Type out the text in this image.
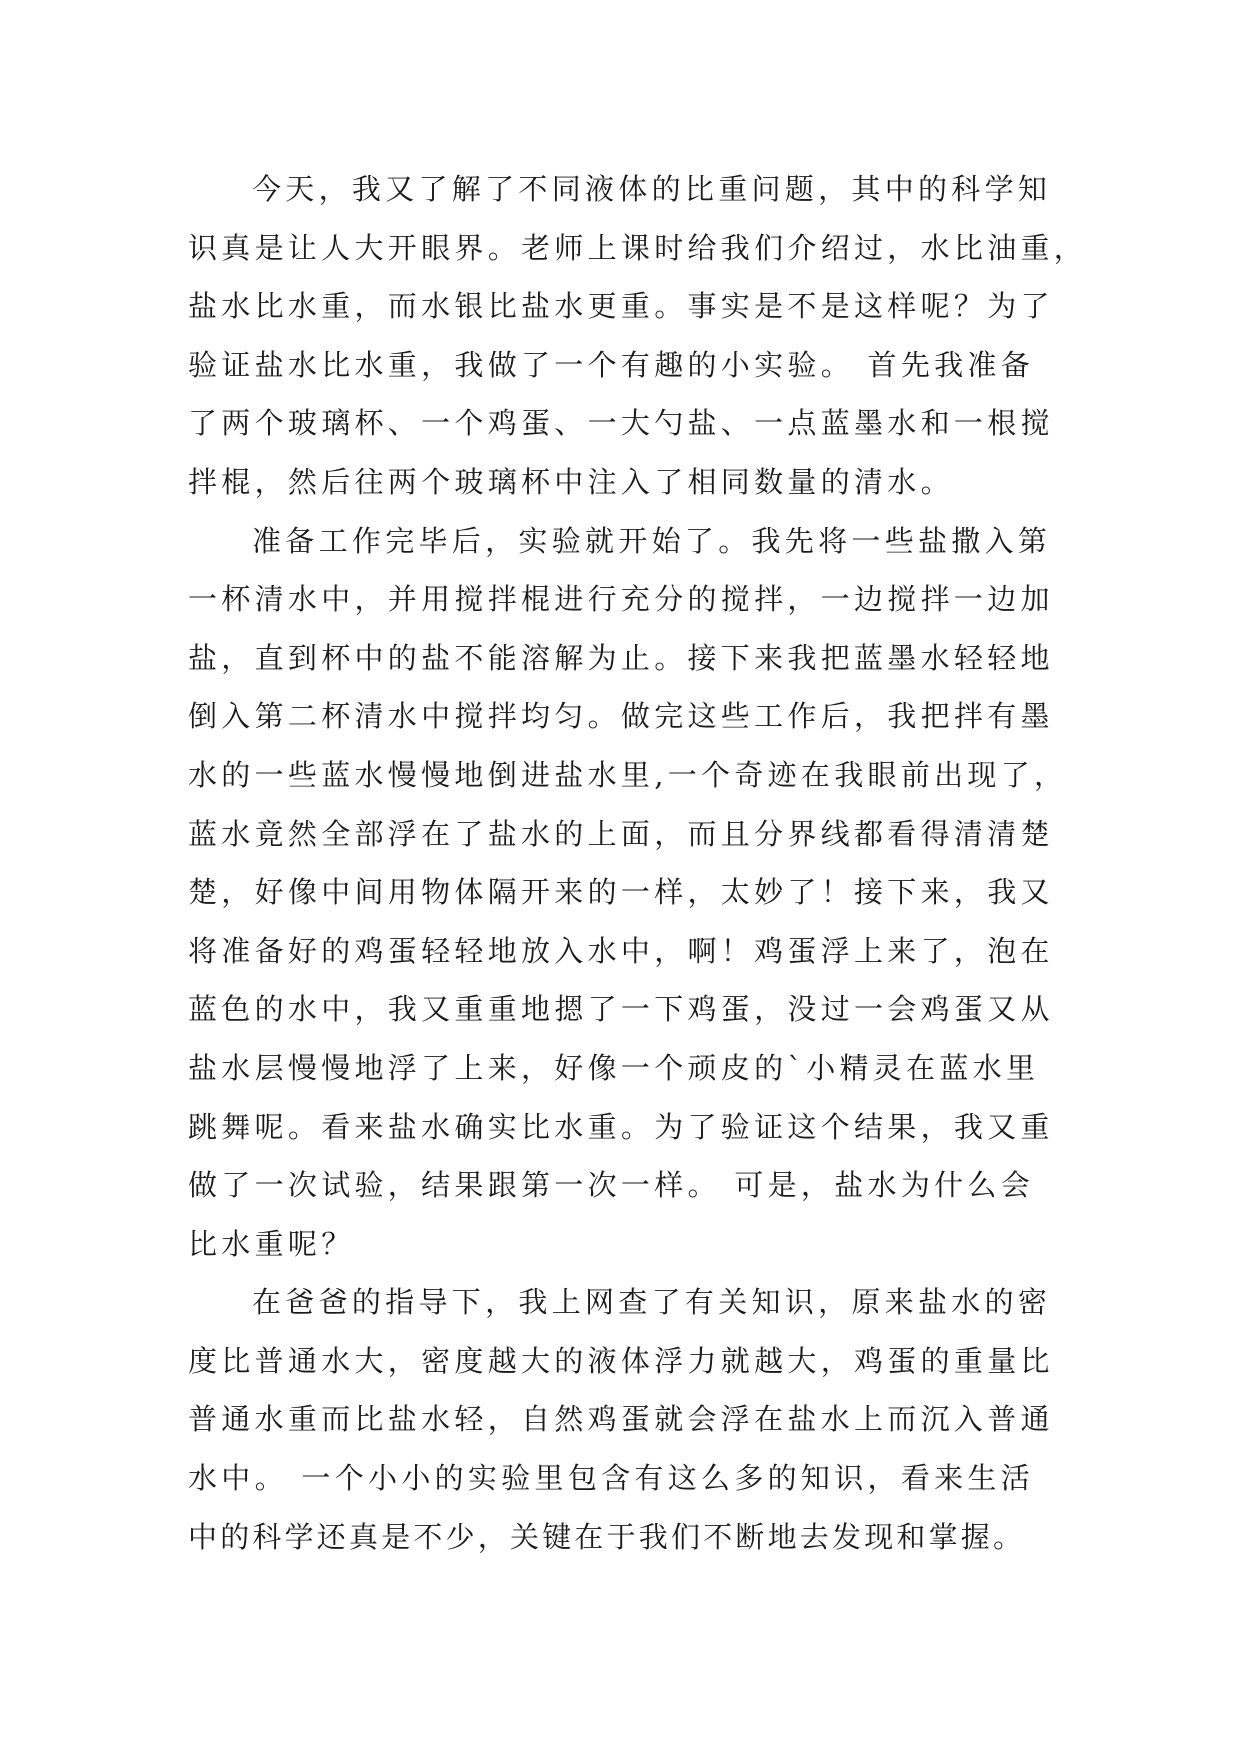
今天，我又了解了不同液体的比重问题，其中的科学知
识真是让人大开眼界。老师上课时给我们介绍过，水比油重，
盐水比水重，而水银比盐水更重。事实是不是这样呢？为了
验证盐水比水重，我做了一个有趣的小实验。 首先我准备
了两个玻璃杯、一个鸡蛋、一大勺盐、一点蓝墨水和一根搅
拌棍，然后往两个玻璃杯中注入了相同数量的清水。
准备工作完毕后，实验就开始了。我先将一些盐撒入第
一杯清水中，并用搅拌棍进行充分的搅拌，一边搅拌一边加
盐，直到杯中的盐不能溶解为止。接下来我把蓝墨水轻轻地
倒入第二杯清水中搅拌均匀。做完这些工作后，我把拌有墨
水的一些蓝水慢慢地倒进盐水里,一个奇迹在我眼前出现了，
蓝水竟然全部浮在了盐水的上面，而且分界线都看得清清楚
楚，好像中间用物体隔开来的一样，太妙了！接下来，我又
将准备好的鸡蛋轻轻地放入水中，啊！鸡蛋浮上来了，泡在
蓝色的水中，我又重重地摁了一下鸡蛋，没过一会鸡蛋又从
盐水层慢慢地浮了上来，好像一个顽皮的`小精灵在蓝水里
跳舞呢。看来盐水确实比水重。为了验证这个结果，我又重
做了一次试验，结果跟第一次一样。 可是，盐水为什么会
比水重呢？
在爸爸的指导下，我上网查了有关知识，原来盐水的密
度比普通水大，密度越大的液体浮力就越大，鸡蛋的重量比
普通水重而比盐水轻，自然鸡蛋就会浮在盐水上而沉入普通
水中。 一个小小的实验里包含有这么多的知识，看来生活
中的科学还真是不少，关键在于我们不断地去发现和掌握。
